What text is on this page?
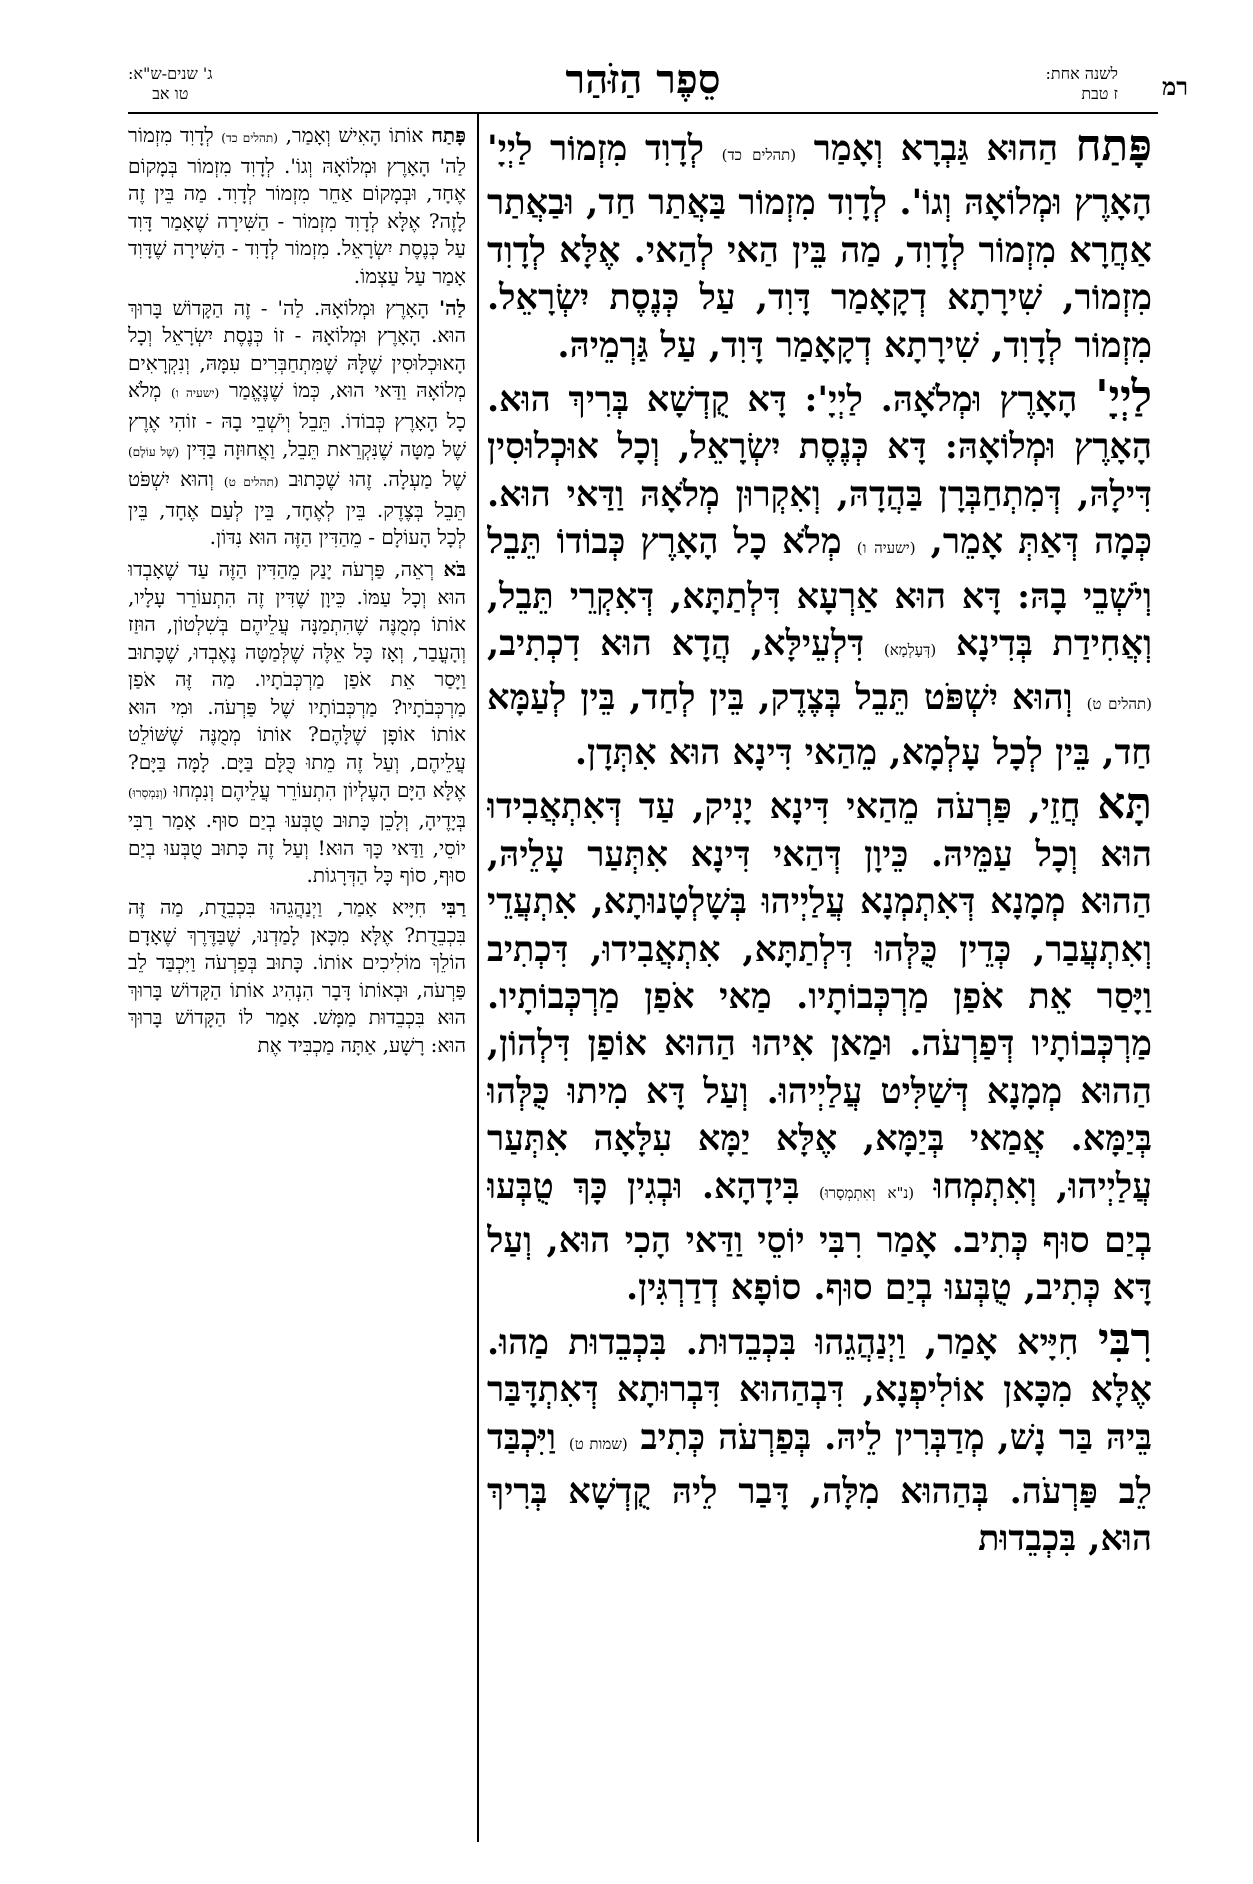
רמ
לשנה אחת:
ז טבת
סֵפֶר הַזֹּהַר
ג' שנים-ש"א:
טו אב

פָּתַח הַהוּא גַּבְרָא וְאָמַר (תהלים כד) לְדָוִד מִזְמוֹר לַיְיָ' הָאָרֶץ וּמְלוֹאָהּ וְגוֹ'. לְדָוִד מִזְמוֹר בַּאֲתַר חַד, וּבַאֲתַר אַחֲרָא מִזְמוֹר לְדָוִד, מַה בֵּין הַאי לְהַאי. אֶלָּא לְדָוִד מִזְמוֹר, שִׁירָתָא דְקָאָמַר דָּוִד, עַל כְּנֶסֶת יִשְׂרָאֵל. מִזְמוֹר לְדָוִד, שִׁירָתָא דְקָאָמַר דָּוִד, עַל גַּרְמֵיהּ.

לַיְיָ' הָאָרֶץ וּמְלֹאָהּ. לַיְיָ': דָּא קֻדְשָׁא בְּרִיךְ הוּא. הָאָרֶץ וּמְלוֹאָהּ: דָּא כְּנֶסֶת יִשְׂרָאֵל, וְכָל אוּכְלוּסִין דִּילָהּ, דְּמִתְחַבְּרָן בַּהֲדָהּ, וְאִקְרוּן מְלֹאָהּ וַדַּאי הוּא. כְּמָה דְּאַתְּ אָמֵר, (ישעיה ו) מְלֹא כָל הָאָרֶץ כְּבוֹדוֹ תֵּבֵל וְיֹשְׁבֵי בָהּ: דָּא הוּא אַרְעָא דִּלְתַתָּא, דְּאִקְרֵי תֵּבֵל, וְאֲחִידַת בְּדִינָא (דְּעָלְמָא) דִּלְעֵילָּא, הֲדָא הוּא דִכְתִיב, (תהלים ט) וְהוּא יִשְׁפֹּט תֵּבֵל בְּצֶדֶק, בֵּין לְחַד, בֵּין לְעַמָּא חַד, בֵּין לְכָל עָלְמָא, מֵהַאי דִּינָא הוּא אִתְּדָן.

תָּא חֲזֵי, פַּרְעֹה מֵהַאי דִּינָא יָנִיק, עַד דְּאִתְאֲבִידוּ הוּא וְכָל עַמֵּיהּ. כֵּיוָן דְּהַאי דִּינָא אִתְּעַר עָלֵיהּ, הַהוּא מְמָנָא דְּאִתְמְנָא עֲלַיְיהוּ בְּשָׁלְטָנוּתָא, אִתְעֲדֵי וְאִתְעֲבַר, כְּדֵין כֻּלְּהוּ דִּלְתַתָּא, אִתְאֲבִידוּ, דִּכְתִיב וַיָּסַר אֵת אֹפַן מַרְכְּבוֹתָיו. מַאי אֹפַן מַרְכְּבוֹתָיו. מַרְכְּבוֹתָיו דְּפַרְעֹה. וּמַאן אִיהוּ הַהוּא אוֹפַן דִּלְהוֹן, הַהוּא מְמָנָא דְּשַׁלִּיט עֲלַיְיהוּ. וְעַל דָּא מִיתוּ כֻּלְּהוּ בְּיַמָּא. אֲמַאי בְּיַמָּא, אֶלָּא יַמָּא עִלָּאָה אִתְּעַר עֲלַיְיהוּ, וְאִתְמְחוּ (נ"א וְאִתְמְסָרוּ) בִּידָהָא. וּבְגִין כָּךְ טֻבְּעוּ בְיַם סוּף כְּתִיב. אָמַר רִבִּי יוֹסֵי וַדַּאי הָכִי הוּא, וְעַל דָּא כְּתִיב, טֻבְּעוּ בְיַם סוּף. סוֹפָא דְדַרְגִּין.

רִבִּי חִיָּיא אָמַר, וַיְנַהֲגֵהוּ בִּכְבֵדוּת. בִּכְבֵדוּת מַהוּ. אֶלָּא מִכָּאן אוֹלִיפְנָא, דִּבְהַהוּא דִּבְרוּתָא דְּאִתְדָּבַּר בֵּיהּ בַּר נָשׁ, מְדַבְּרִין לֵיהּ. בְּפַרְעֹה כְּתִיב (שמות ט) וַיִּכְבַּד לֵב פַּרְעֹה. בְּהַהוּא מִלָּה, דָּבַר לֵיהּ קֻדְשָׁא בְּרִיךְ הוּא, בִּכְבֵדוּת

פָּתַח אוֹתוֹ הָאִישׁ וְאָמַר, (תהלים כד) לְדָוִד מִזְמוֹר לַה' הָאָרֶץ וּמְלוֹאָהּ וְגוֹ'. לְדָוִד מִזְמוֹר בְּמָקוֹם אֶחָד, וּבְמָקוֹם אַחֵר מִזְמוֹר לְדָוִד. מַה בֵּין זֶה לָזֶה? אֶלָּא לְדָוִד מִזְמוֹר - הַשִּׁירָה שֶׁאָמַר דָּוִד עַל כְּנֶסֶת יִשְׂרָאֵל. מִזְמוֹר לְדָוִד - הַשִּׁירָה שֶׁדָּוִד אָמַר עַל עַצְמוֹ.

לַה' הָאָרֶץ וּמְלוֹאָהּ. לַה' - זֶה הַקָּדוֹשׁ בָּרוּךְ הוּא. הָאָרֶץ וּמְלוֹאָהּ - זוֹ כְּנֶסֶת יִשְׂרָאֵל וְכָל הָאוּכְלוּסִין שֶׁלָּהּ שֶׁמִּתְחַבְּרִים עִמָּהּ, וְנִקְרָאִים מְלוֹאָהּ וַדַּאי הוּא, כְּמוֹ שֶׁנֶּאֱמַר (ישעיה ו) מְלֹא כָל הָאָרֶץ כְּבוֹדוֹ. תֵּבֵל וְיֹשְׁבֵי בָהּ - זוֹהִי אֶרֶץ שֶׁל מַטָּה שֶׁנִּקְרֵאת תֵּבֵל, וַאֲחוּזָה בַּדִּין (שֶׁל עוֹלָם) שֶׁל מַעְלָה. זֶהוּ שֶׁכָּתוּב (תהלים ט) וְהוּא יִשְׁפֹּט תֵּבֵל בְּצֶדֶק. בֵּין לְאֶחָד, בֵּין לְעַם אֶחָד, בֵּין לְכָל הָעוֹלָם - מֵהַדִּין הַזֶּה הוּא נִדּוֹן.

בֹּא רְאֵה, פַּרְעֹה יָנַק מֵהַדִּין הַזֶּה עַד שֶׁאָבְדוּ הוּא וְכָל עַמּוֹ. כֵּיוָן שֶׁדִּין זֶה הִתְעוֹרֵר עָלָיו, אוֹתוֹ מְמֻנֶּה שֶׁהִתְמַנָּה עֲלֵיהֶם בְּשִׁלְטוֹן, הוּזַז וְהָעֳבַר, וְאָז כָּל אֵלֶּה שֶׁלְּמַטָּה נֶאֶבְדוּ, שֶׁכָּתוּב וַיָּסַר אֵת אֹפַן מַרְכְּבֹתָיו. מַה זֶּה אֹפַן מַרְכְּבֹתָיו? מַרְכְּבוֹתָיו שֶׁל פַּרְעֹה. וּמִי הוּא אוֹתוֹ אוֹפָן שֶׁלָּהֶם? אוֹתוֹ מְמֻנֶּה שֶׁשּׁוֹלֵט עֲלֵיהֶם, וְעַל זֶה מֵתוּ כֻּלָּם בַּיָּם. לָמָּה בַּיָּם? אֶלָּא הַיָּם הָעֶלְיוֹן הִתְעוֹרֵר עֲלֵיהֶם וְנִמְחוּ (וְנִמְסְרוּ) בְּיָדֶיהָ, וְלָכֵן כָּתוּב טֻבְּעוּ בְיַם סוּף. אָמַר רַבִּי יוֹסֵי, וַדַּאי כָּךְ הוּא! וְעַל זֶה כָּתוּב טֻבְּעוּ בְיַם סוּף, סוֹף כָּל הַדְּרָגוֹת.

רַבִּי חִיָּיא אָמַר, וַיְנַהֲגֵהוּ בִּכְבֵדֻת, מַה זֶּה בִּכְבֵדֻת? אֶלָּא מִכָּאן לָמַדְנוּ, שֶׁבַּדֶּרֶךְ שֶׁאָדָם הוֹלֵךְ מוֹלִיכִים אוֹתוֹ. כָּתוּב בְּפַרְעֹה וַיִּכְבַּד לֵב פַּרְעֹה, וּבְאוֹתוֹ דָּבָר הִנְהִיג אוֹתוֹ הַקָּדוֹשׁ בָּרוּךְ הוּא בִּכְבֵדוּת מַמָּשׁ. אָמַר לוֹ הַקָּדוֹשׁ בָּרוּךְ הוּא: רָשָׁע, אַתָּה מַכְבִּיד אֶת
